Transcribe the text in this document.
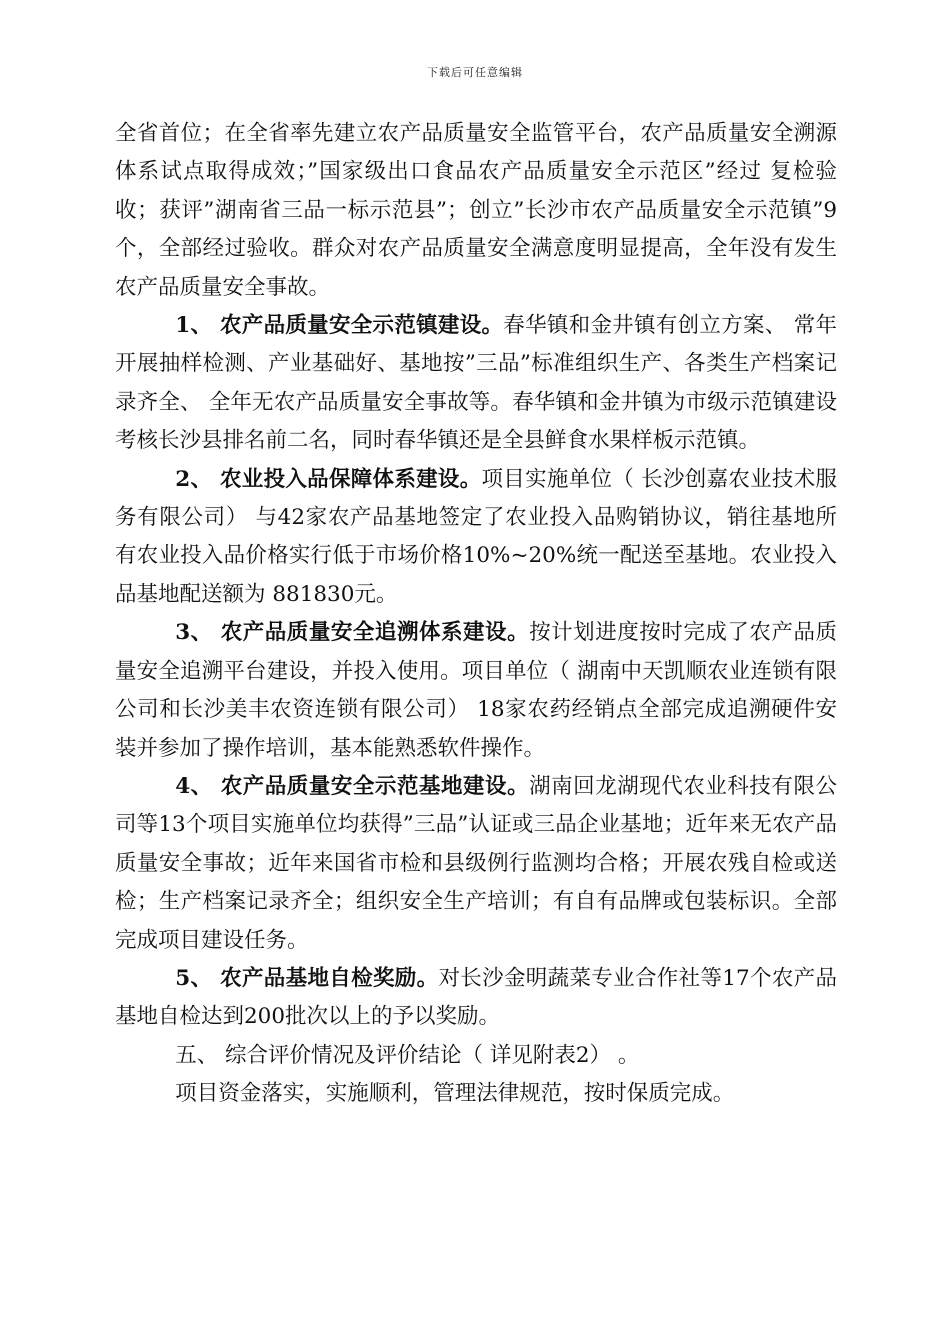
下载后可任意编辑

全省首位；在全省率先建立农产品质量安全监管平台，农产品质量安全溯源体系试点取得成效；”国家级出口食品农产品质量安全示范区”经过 复检验收；获评”湖南省三品一标示范县”；创立”长沙市农产品质量安全示范镇”9个，全部经过验收。群众对农产品质量安全满意度明显提高，全年没有发生农产品质量安全事故。

1、 农产品质量安全示范镇建设。春华镇和金井镇有创立方案、 常年开展抽样检测、产业基础好、基地按”三品”标准组织生产、各类生产档案记录齐全、 全年无农产品质量安全事故等。春华镇和金井镇为市级示范镇建设考核长沙县排名前二名，同时春华镇还是全县鲜食水果样板示范镇。

2、 农业投入品保障体系建设。项目实施单位（ 长沙创嘉农业技术服务有限公司） 与42家农产品基地签定了农业投入品购销协议，销往基地所有农业投入品价格实行低于市场价格10%~20%统一配送至基地。农业投入品基地配送额为 881830元。

3、 农产品质量安全追溯体系建设。按计划进度按时完成了农产品质量安全追溯平台建设，并投入使用。项目单位（ 湖南中天凯顺农业连锁有限公司和长沙美丰农资连锁有限公司） 18家农药经销点全部完成追溯硬件安装并参加了操作培训，基本能熟悉软件操作。

4、 农产品质量安全示范基地建设。湖南回龙湖现代农业科技有限公司等13个项目实施单位均获得”三品”认证或三品企业基地；近年来无农产品质量安全事故；近年来国省市检和县级例行监测均合格；开展农残自检或送检；生产档案记录齐全；组织安全生产培训；有自有品牌或包装标识。全部完成项目建设任务。

5、 农产品基地自检奖励。对长沙金明蔬菜专业合作社等17个农产品基地自检达到200批次以上的予以奖励。

五、 综合评价情况及评价结论（ 详见附表2） 。

项目资金落实，实施顺利，管理法律规范，按时保质完成。
